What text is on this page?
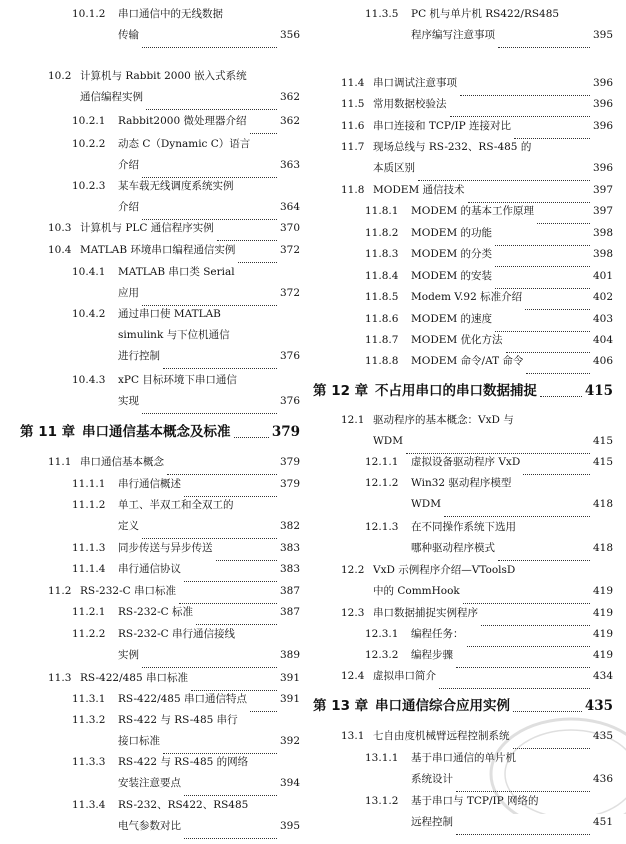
10.1.2 串口通信中的无线数据
传输	356
10.2 计算机与 Rabbit 2000 嵌入式系统
通信编程实例	362
10.2.1 Rabbit2000 微处理器介绍	362
10.2.2 动态 C（Dynamic C）语言
介绍	363
10.2.3 某车载无线调度系统实例
介绍	364
10.3 计算机与 PLC 通信程序实例	370
10.4 MATLAB 环境串口编程通信实例	372
10.4.1 MATLAB 串口类 Serial
应用	372
10.4.2 通过串口使 MATLAB
simulink 与下位机通信
进行控制	376
10.4.3 xPC 目标环境下串口通信
实现	376
第 11 章 串口通信基本概念及标准	379
11.1 串口通信基本概念	379
11.1.1 串行通信概述	379
11.1.2 单工、半双工和全双工的
定义	382
11.1.3 同步传送与异步传送	383
11.1.4 串行通信协议	383
11.2 RS-232-C 串口标准	387
11.2.1 RS-232-C 标准	387
11.2.2 RS-232-C 串行通信接线
实例	389
11.3 RS-422/485 串口标准	391
11.3.1 RS-422/485 串口通信特点	391
11.3.2 RS-422 与 RS-485 串行
接口标准	392
11.3.3 RS-422 与 RS-485 的网络
安装注意要点	394
11.3.4 RS-232、RS422、RS485
电气参数对比	395
11.3.5 PC 机与单片机 RS422/RS485
程序编写注意事项	395
11.4 串口调试注意事项	396
11.5 常用数据校验法	396
11.6 串口连接和 TCP/IP 连接对比	396
11.7 现场总线与 RS-232、RS-485 的
本质区别	396
11.8 MODEM 通信技术	397
11.8.1 MODEM 的基本工作原理	397
11.8.2 MODEM 的功能	398
11.8.3 MODEM 的分类	398
11.8.4 MODEM 的安装	401
11.8.5 Modem V.92 标准介绍	402
11.8.6 MODEM 的速度	403
11.8.7 MODEM 优化方法	404
11.8.8 MODEM 命令/AT 命令	406
第 12 章 不占用串口的串口数据捕捉	415
12.1 驱动程序的基本概念：VxD 与
WDM	415
12.1.1 虚拟设备驱动程序 VxD	415
12.1.2 Win32 驱动程序模型
WDM	418
12.1.3 在不同操作系统下选用
哪种驱动程序模式	418
12.2 VxD 示例程序介绍—VToolsD
中的 CommHook	419
12.3 串口数据捕捉实例程序	419
12.3.1 编程任务：	419
12.3.2 编程步骤	419
12.4 虚拟串口简介	434
第 13 章 串口通信综合应用实例	435
13.1 七自由度机械臂远程控制系统	435
13.1.1 基于串口通信的单片机
系统设计	436
13.1.2 基于串口与 TCP/IP 网络的
远程控制	451
